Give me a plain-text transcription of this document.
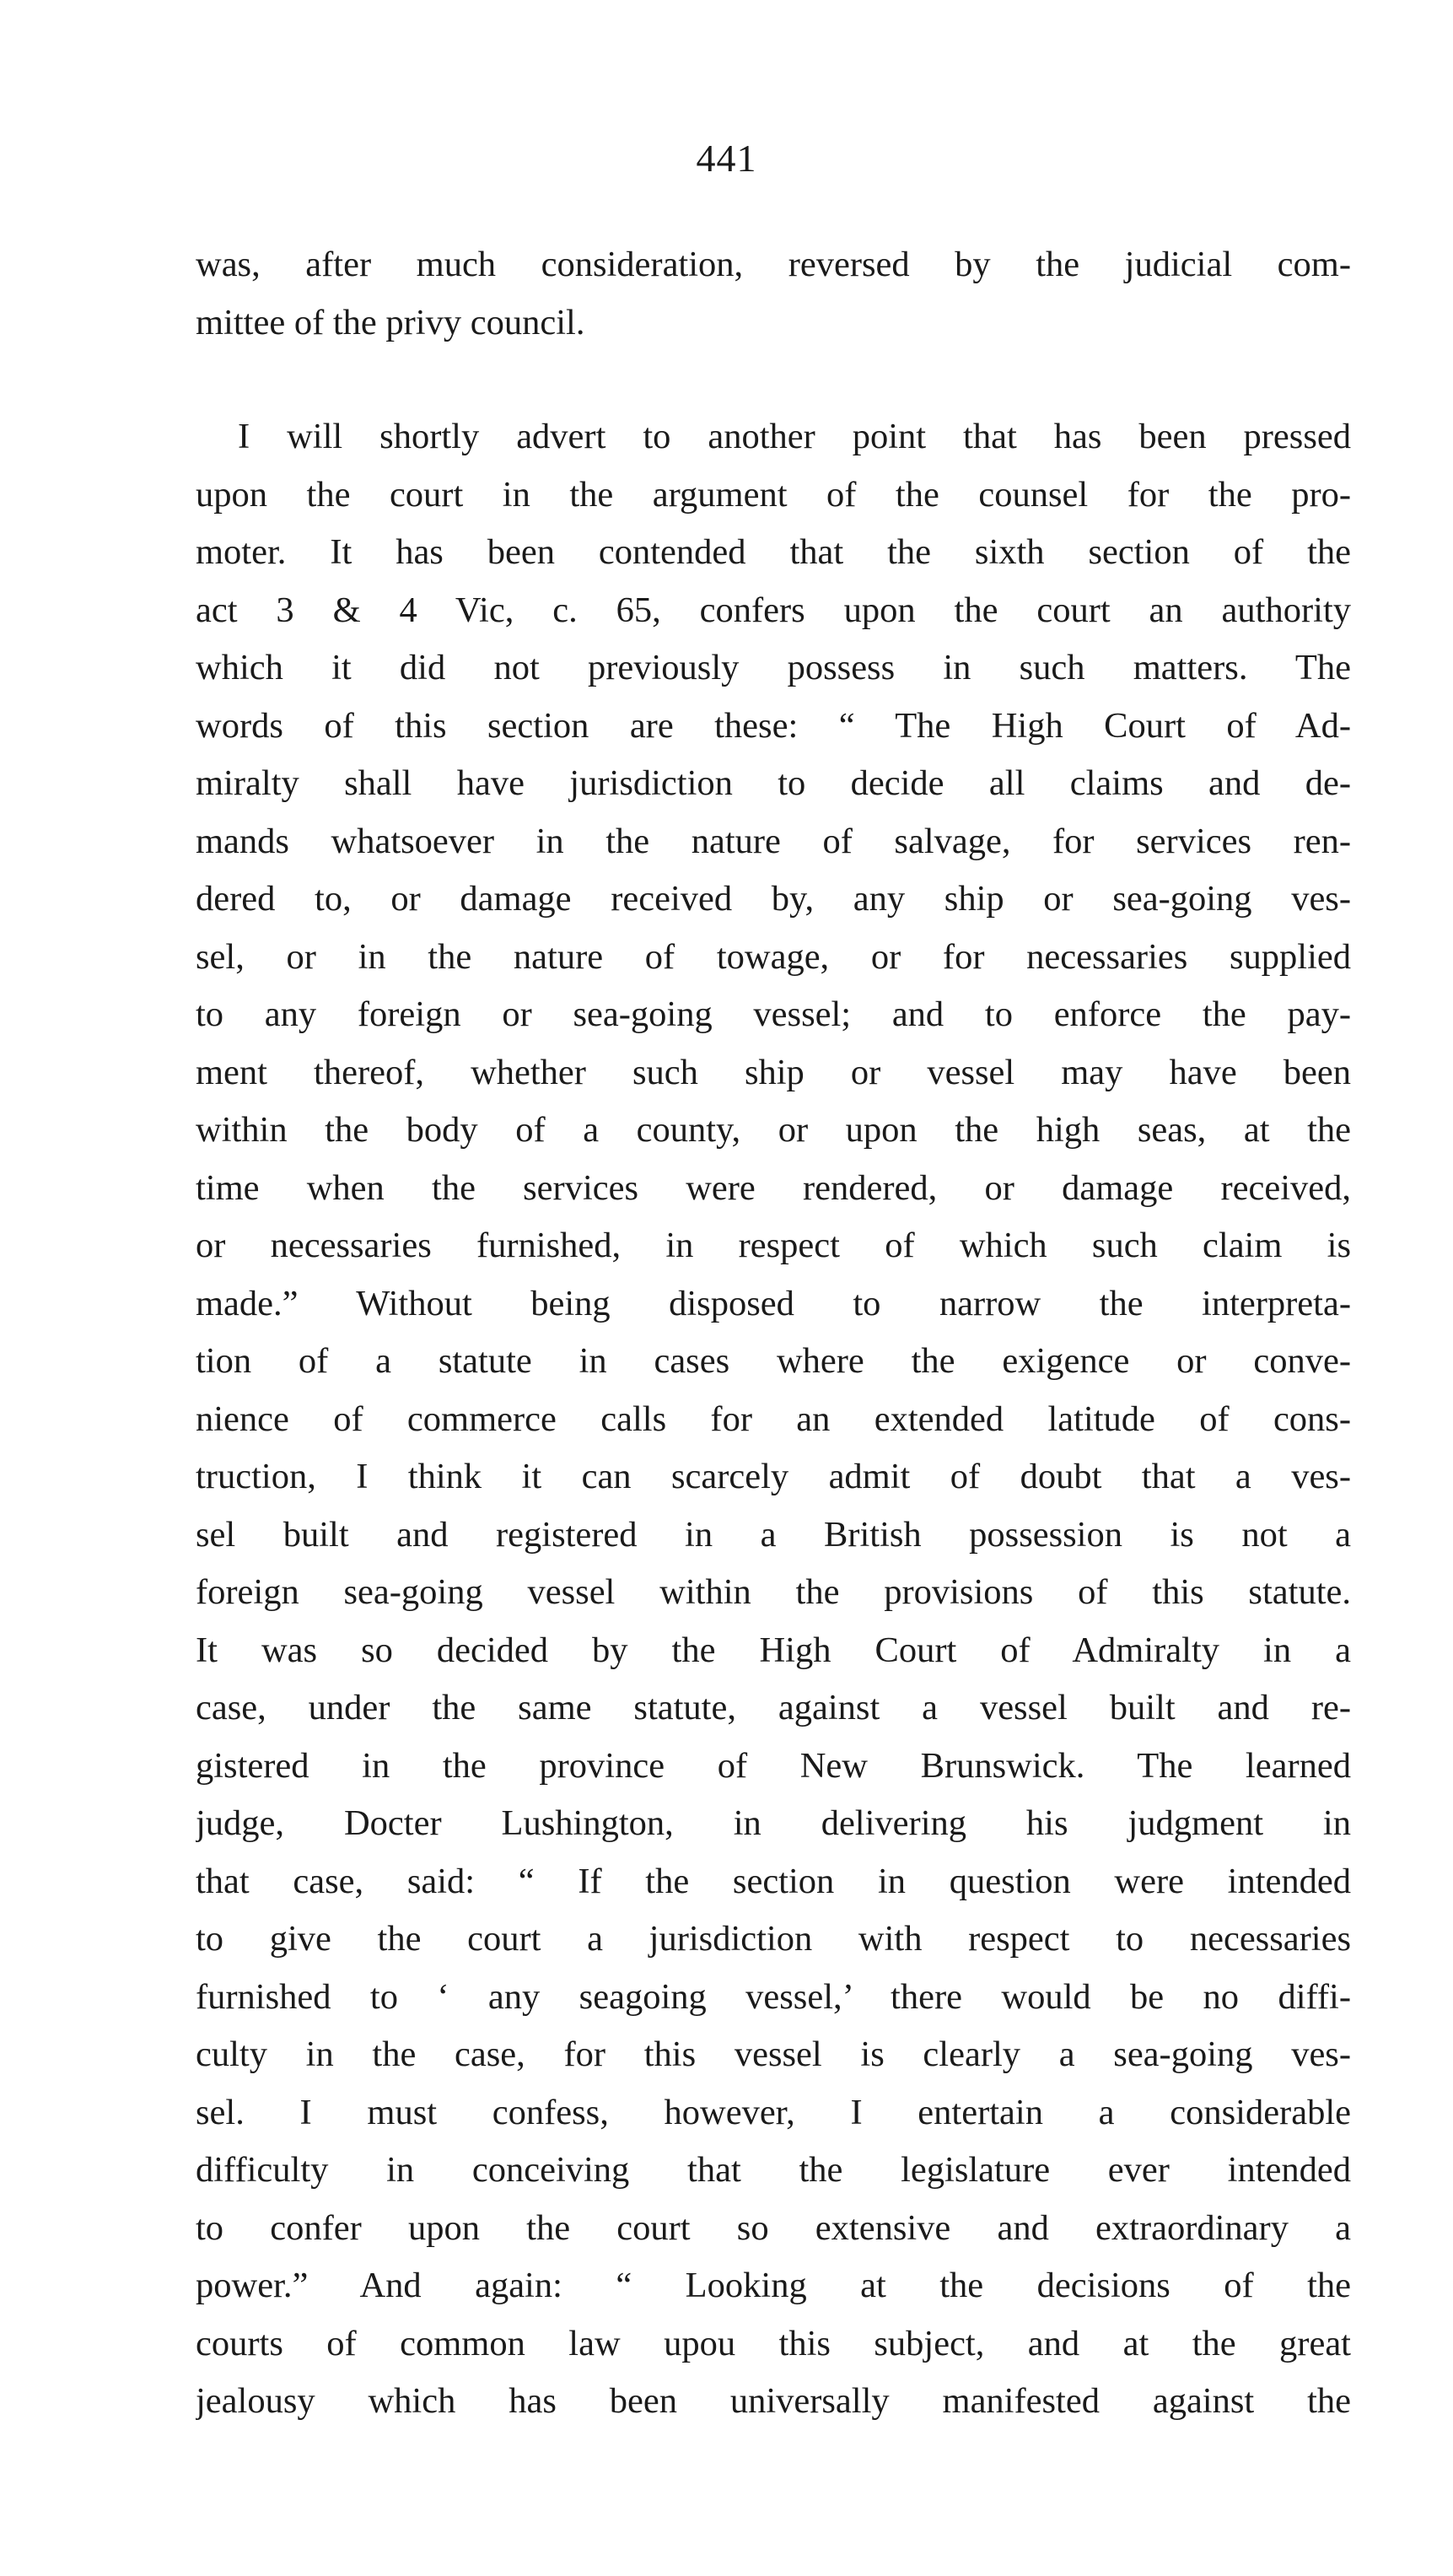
441
was, after much consideration, reversed by the judicial com-
mittee of the privy council.
I will shortly advert to another point that has been pressed
upon the court in the argument of the counsel for the pro-
moter. It has been contended that the sixth section of the
act 3 & 4 Vic, c. 65, confers upon the court an authority
which it did not previously possess in such matters. The
words of this section are these: “ The High Court of Ad-
miralty shall have jurisdiction to decide all claims and de-
mands whatsoever in the nature of salvage, for services ren-
dered to, or damage received by, any ship or sea-going ves-
sel, or in the nature of towage, or for necessaries supplied
to any foreign or sea-going vessel; and to enforce the pay-
ment thereof, whether such ship or vessel may have been
within the body of a county, or upon the high seas, at the
time when the services were rendered, or damage received,
or necessaries furnished, in respect of which such claim is
made.” Without being disposed to narrow the interpreta-
tion of a statute in cases where the exigence or conve-
nience of commerce calls for an extended latitude of cons-
truction, I think it can scarcely admit of doubt that a ves-
sel built and registered in a British possession is not a
foreign sea-going vessel within the provisions of this statute.
It was so decided by the High Court of Admiralty in a
case, under the same statute, against a vessel built and re-
gistered in the province of New Brunswick. The learned
judge, Docter Lushington, in delivering his judgment in
that case, said: “ If the section in question were intended
to give the court a jurisdiction with respect to necessaries
furnished to ‘ any seagoing vessel,’ there would be no diffi-
culty in the case, for this vessel is clearly a sea-going ves-
sel. I must confess, however, I entertain a considerable
difficulty in conceiving that the legislature ever intended
to confer upon the court so extensive and extraordinary a
power.” And again: “ Looking at the decisions of the
courts of common law upou this subject, and at the great
jealousy which has been universally manifested against the
